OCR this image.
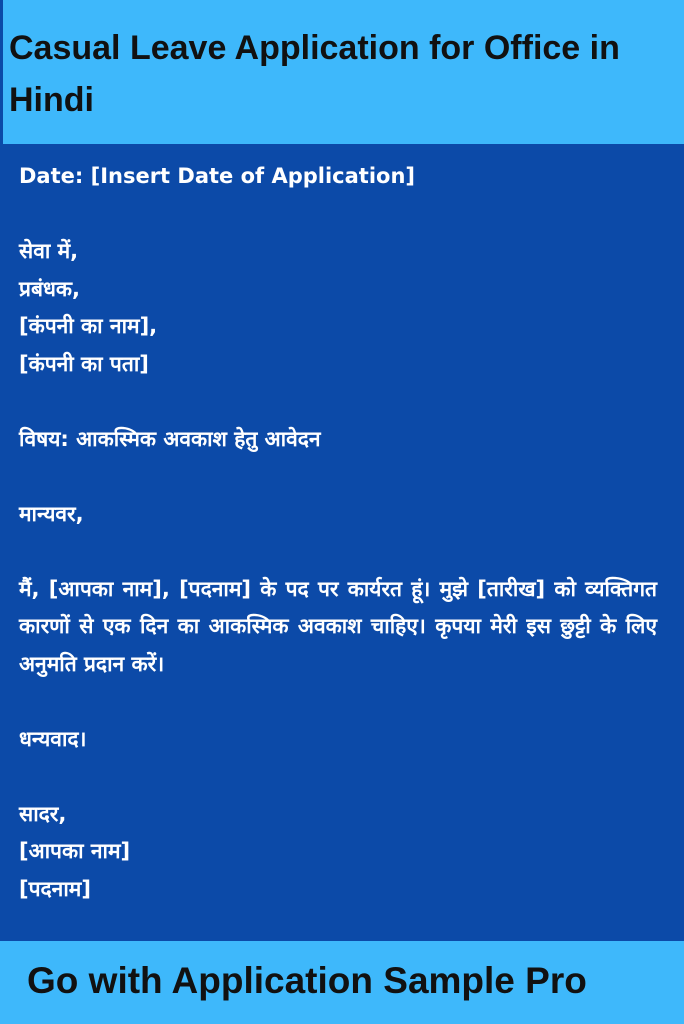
Casual Leave Application for Office in Hindi
Date: [Insert Date of Application]
सेवा में,
प्रबंधक,
[कंपनी का नाम],
[कंपनी का पता]
विषय: आकस्मिक अवकाश हेतु आवेदन
मान्यवर,
मैं, [आपका नाम], [पदनाम] के पद पर कार्यरत हूं। मुझे [तारीख] को व्यक्तिगत कारणों से एक दिन का आकस्मिक अवकाश चाहिए। कृपया मेरी इस छुट्टी के लिए अनुमति प्रदान करें।
धन्यवाद।
सादर,
[आपका नाम]
[पदनाम]

Go with Application Sample Pro
